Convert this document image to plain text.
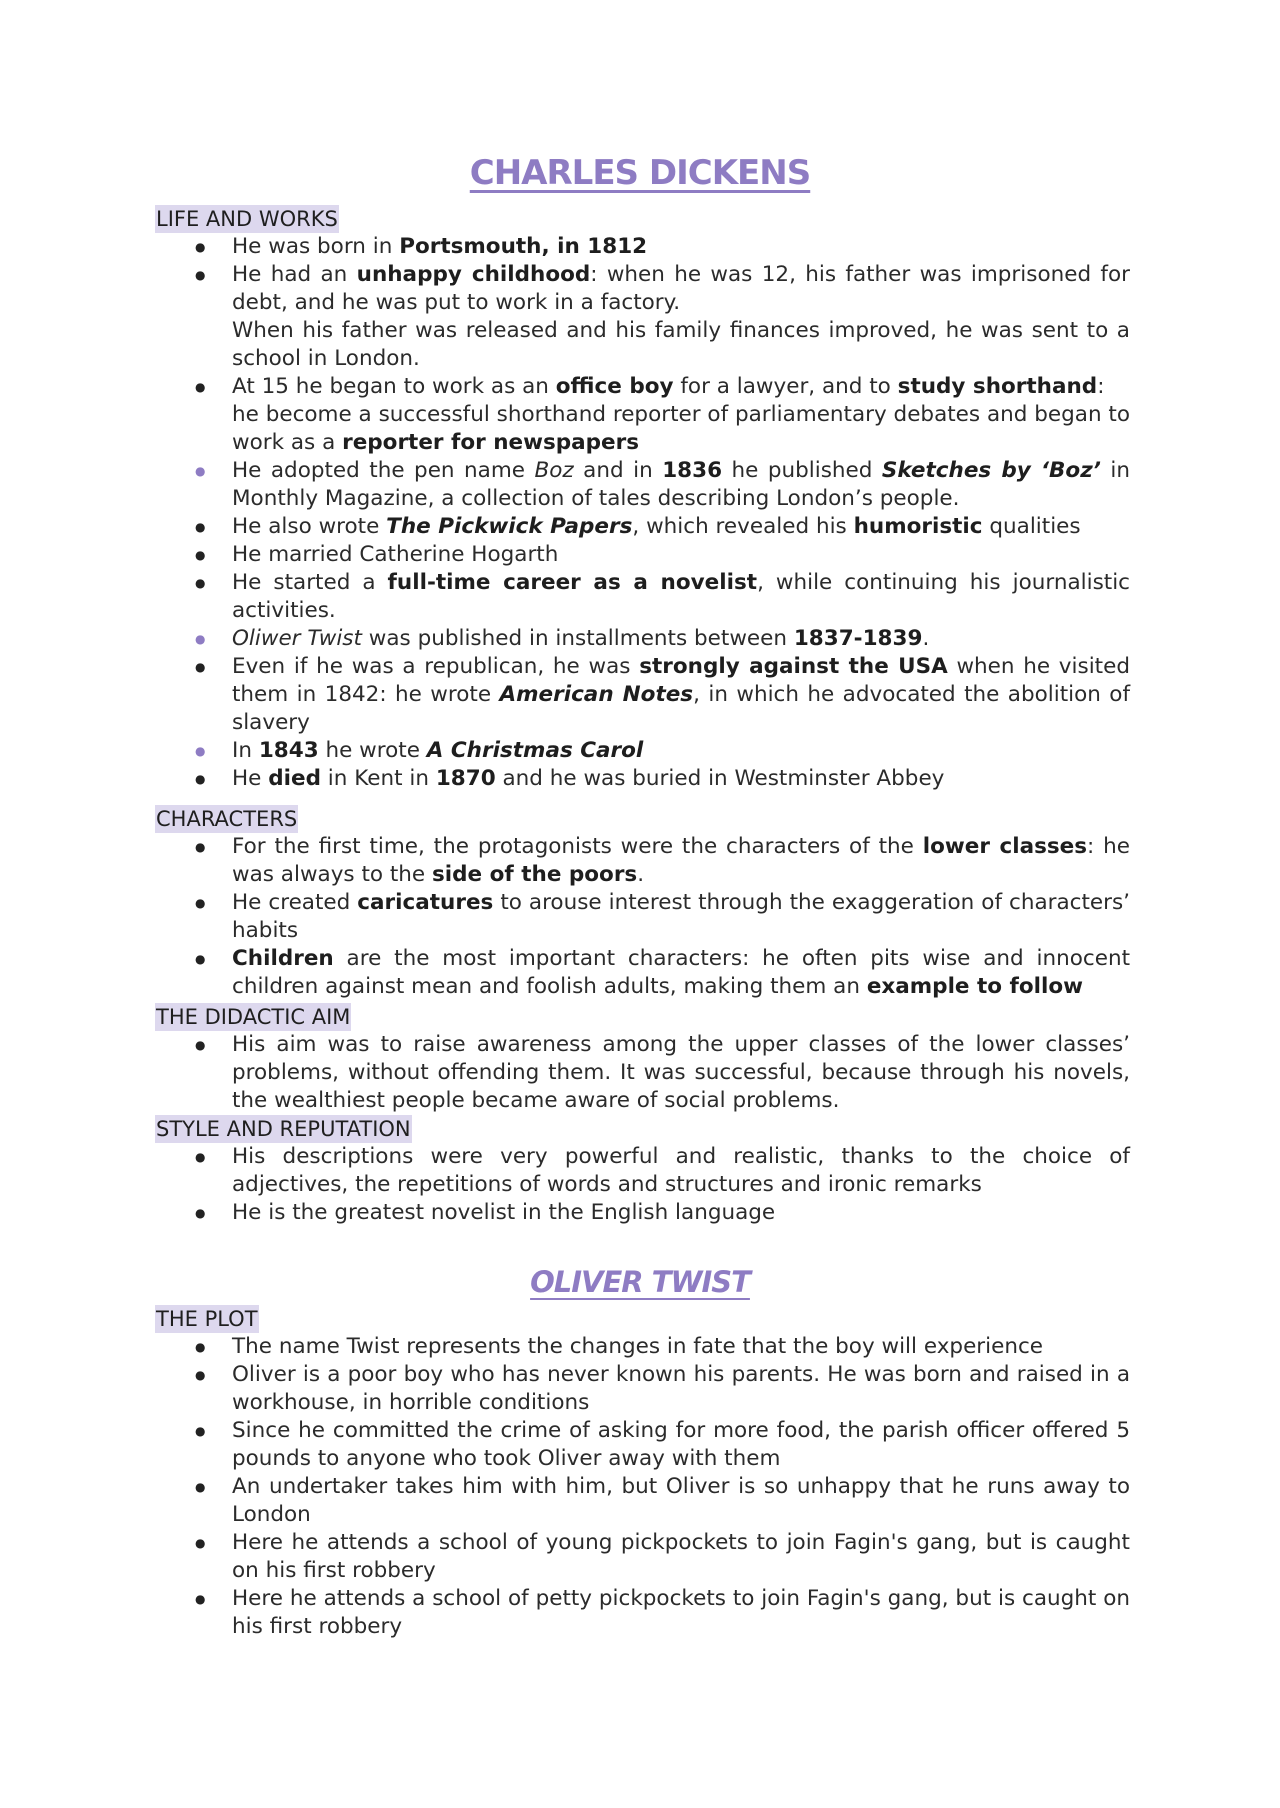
CHARLES DICKENS
LIFE AND WORKS
● He was born in Portsmouth, in 1812
● He had an unhappy childhood: when he was 12, his father was imprisoned for debt, and he was put to work in a factory.
When his father was released and his family finances improved, he was sent to a school in London.
● At 15 he began to work as an office boy for a lawyer, and to study shorthand:
he become a successful shorthand reporter of parliamentary debates and began to work as a reporter for newspapers
● He adopted the pen name Boz and in 1836 he published Sketches by ‘Boz’ in Monthly Magazine, a collection of tales describing London’s people.
● He also wrote The Pickwick Papers, which revealed his humoristic qualities
● He married Catherine Hogarth
● He started a full-time career as a novelist, while continuing his journalistic activities.
● Oliwer Twist was published in installments between 1837-1839.
● Even if he was a republican, he was strongly against the USA when he visited them in 1842: he wrote American Notes, in which he advocated the abolition of slavery
● In 1843 he wrote A Christmas Carol
● He died in Kent in 1870 and he was buried in Westminster Abbey
CHARACTERS
● For the first time, the protagonists were the characters of the lower classes: he was always to the side of the poors.
● He created caricatures to arouse interest through the exaggeration of characters’ habits
● Children are the most important characters: he often pits wise and innocent children against mean and foolish adults, making them an example to follow
THE DIDACTIC AIM
● His aim was to raise awareness among the upper classes of the lower classes’ problems, without offending them. It was successful, because through his novels, the wealthiest people became aware of social problems.
STYLE AND REPUTATION
● His descriptions were very powerful and realistic, thanks to the choice of adjectives, the repetitions of words and structures and ironic remarks
● He is the greatest novelist in the English language
OLIVER TWIST
THE PLOT
● The name Twist represents the changes in fate that the boy will experience
● Oliver is a poor boy who has never known his parents. He was born and raised in a workhouse, in horrible conditions
● Since he committed the crime of asking for more food, the parish officer offered 5 pounds to anyone who took Oliver away with them
● An undertaker takes him with him, but Oliver is so unhappy that he runs away to London
● Here he attends a school of young pickpockets to join Fagin's gang, but is caught on his first robbery
● Here he attends a school of petty pickpockets to join Fagin's gang, but is caught on his first robbery
